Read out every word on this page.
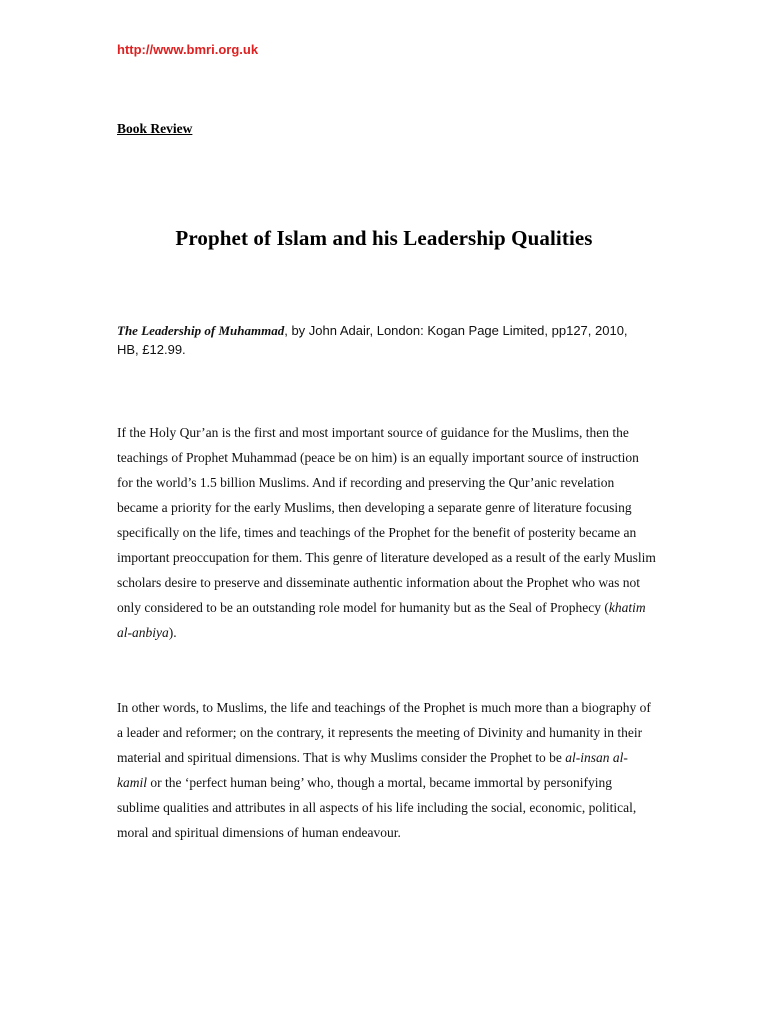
http://www.bmri.org.uk
Book Review
Prophet of Islam and his Leadership Qualities
The Leadership of Muhammad, by John Adair, London: Kogan Page Limited, pp127, 2010, HB, £12.99.

If the Holy Qur’an is the first and most important source of guidance for the Muslims, then the teachings of Prophet Muhammad (peace be on him) is an equally important source of instruction for the world’s 1.5 billion Muslims. And if recording and preserving the Qur’anic revelation became a priority for the early Muslims, then developing a separate genre of literature focusing specifically on the life, times and teachings of the Prophet for the benefit of posterity became an important preoccupation for them. This genre of literature developed as a result of the early Muslim scholars desire to preserve and disseminate authentic information about the Prophet who was not only considered to be an outstanding role model for humanity but as the Seal of Prophecy (khatim al-anbiya).

In other words, to Muslims, the life and teachings of the Prophet is much more than a biography of a leader and reformer; on the contrary, it represents the meeting of Divinity and humanity in their material and spiritual dimensions. That is why Muslims consider the Prophet to be al-insan al-kamil or the ‘perfect human being’ who, though a mortal, became immortal by personifying sublime qualities and attributes in all aspects of his life including the social, economic, political, moral and spiritual dimensions of human endeavour.
